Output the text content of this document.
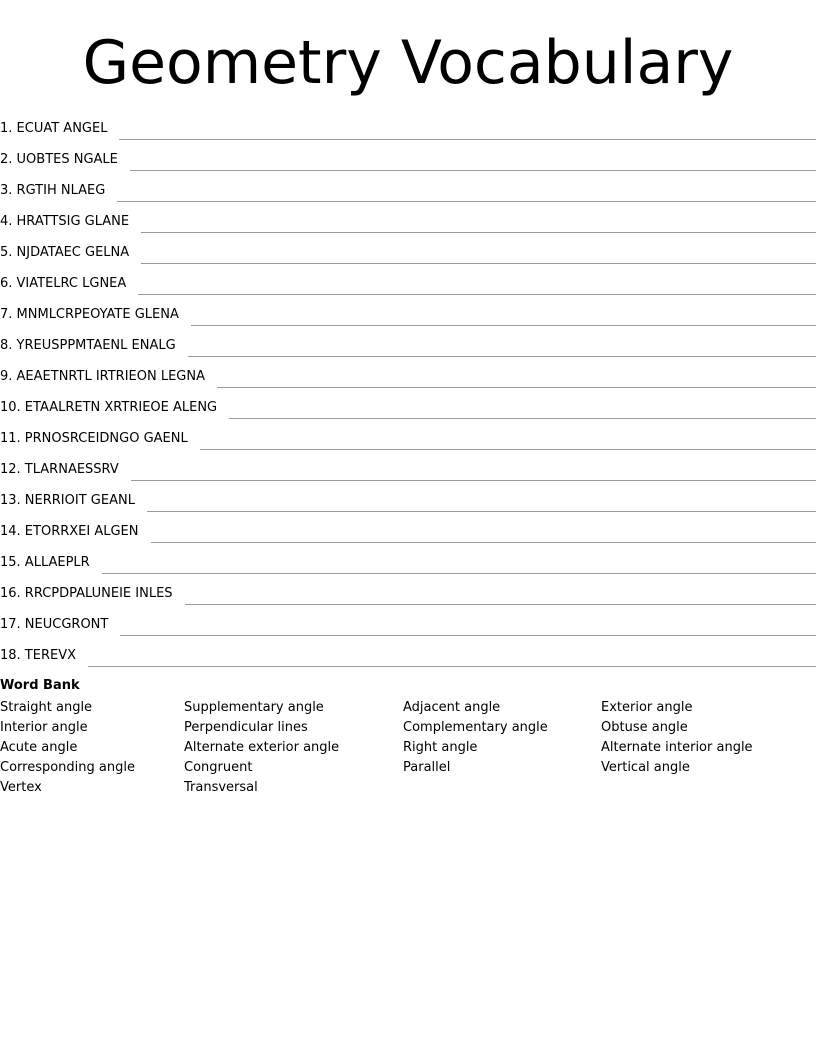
Geometry Vocabulary
1. ECUAT ANGEL
2. UOBTES NGALE
3. RGTIH NLAEG
4. HRATTSIG GLANE
5. NJDATAEC GELNA
6. VIATELRC LGNEA
7. MNMLCRPEOYATE GLENA
8. YREUSPPMTAENL ENALG
9. AEAETNRTL IRTRIEON LEGNA
10. ETAALRETN XRTRIEOE ALENG
11. PRNOSRCEIDNGO GAENL
12. TLARNAESSRV
13. NERRIOIT GEANL
14. ETORRXEI ALGEN
15. ALLAEPLR
16. RRCPDPALUNEIE INLES
17. NEUCGRONT
18. TEREVX
Word Bank
Straight angle
Interior angle
Acute angle
Corresponding angle
Vertex
Supplementary angle
Perpendicular lines
Alternate exterior angle
Congruent
Transversal
Adjacent angle
Complementary angle
Right angle
Parallel
Exterior angle
Obtuse angle
Alternate interior angle
Vertical angle
